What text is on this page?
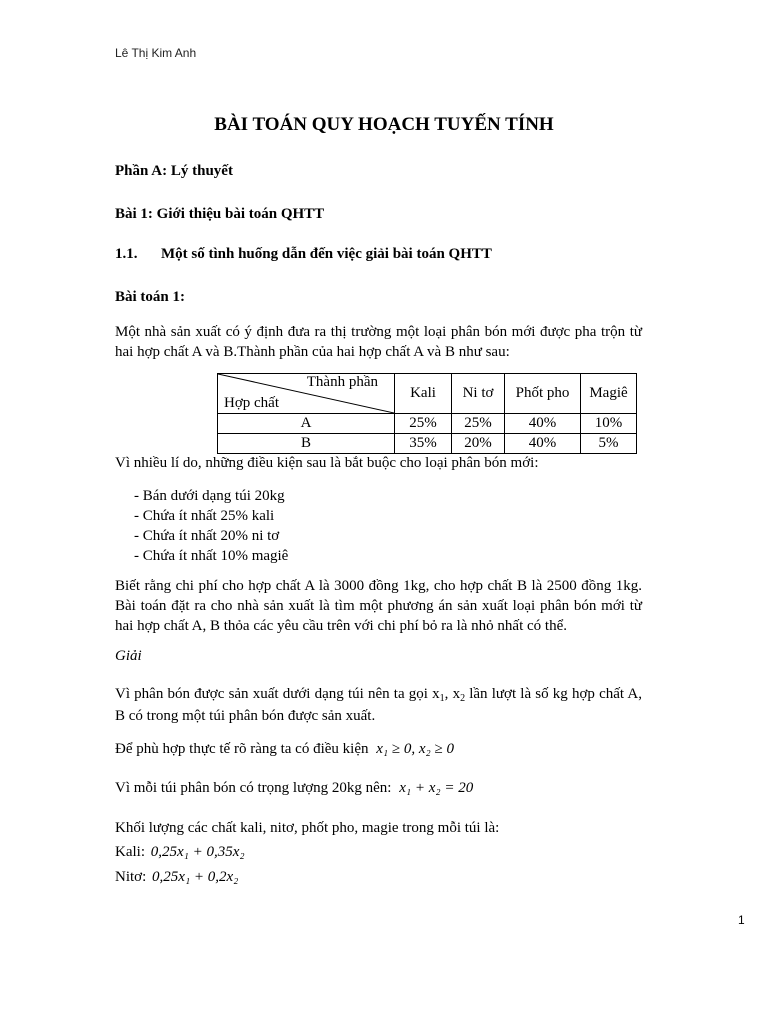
Lê Thị Kim Anh
BÀI TOÁN QUY HOẠCH TUYẾN TÍNH
Phần A: Lý thuyết
Bài 1: Giới thiệu bài toán QHTT
1.1. Một số tình huống dẫn đến việc giải bài toán QHTT
Bài toán 1:
Một nhà sản xuất có ý định đưa ra thị trường một loại phân bón mới được pha trộn từ hai hợp chất A và B.Thành phần của hai hợp chất A và B như sau:
Thành phần
Hợp chất	Kali	Ni tơ	Phốt pho	Magiê
A	25%	25%	40%	10%
B	35%	20%	40%	5%
Vì nhiều lí do, những điều kiện sau là bắt buộc cho loại phân bón mới:
- Bán dưới dạng túi 20kg
- Chứa ít nhất 25% kali
- Chứa ít nhất 20% ni tơ
- Chứa ít nhất 10% magiê
Biết rằng chi phí cho hợp chất A là 3000 đồng 1kg, cho hợp chất B là 2500 đồng 1kg. Bài toán đặt ra cho nhà sản xuất là tìm một phương án sản xuất loại phân bón mới từ hai hợp chất A, B thỏa các yêu cầu trên với chi phí bỏ ra là nhỏ nhất có thể.
Giải
Vì phân bón được sản xuất dưới dạng túi nên ta gọi $x_1$, $x_2$ lần lượt là số kg hợp chất A, B có trong một túi phân bón được sản xuất.
Để phù hợp thực tế rõ ràng ta có điều kiện x₁ ≥ 0, x₂ ≥ 0
Vì mỗi túi phân bón có trọng lượng 20kg nên: x₁ + x₂ = 20
Khối lượng các chất kali, nitơ, phốt pho, magie trong mỗi túi là:
Kali: 0,25x₁ + 0,35x₂
Nitơ: 0,25x₁ + 0,2x₂
1
